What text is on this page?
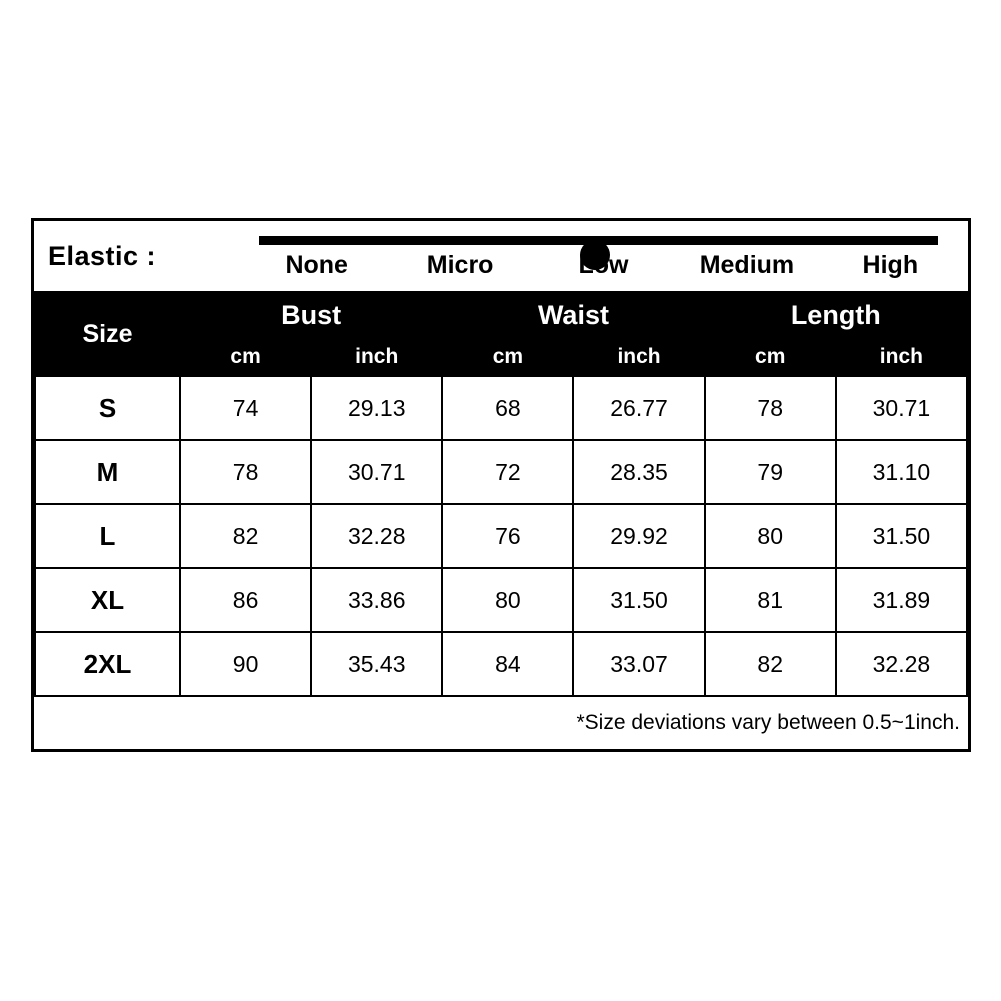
Elastic :	None	Micro	Low	Medium	High
Size	Bust		Waist		Length	
	cm	inch	cm	inch	cm	inch
S	74	29.13	68	26.77	78	30.71
M	78	30.71	72	28.35	79	31.10
L	82	32.28	76	29.92	80	31.50
XL	86	33.86	80	31.50	81	31.89
2XL	90	35.43	84	33.07	82	32.28
*Size deviations vary between 0.5~1inch.
